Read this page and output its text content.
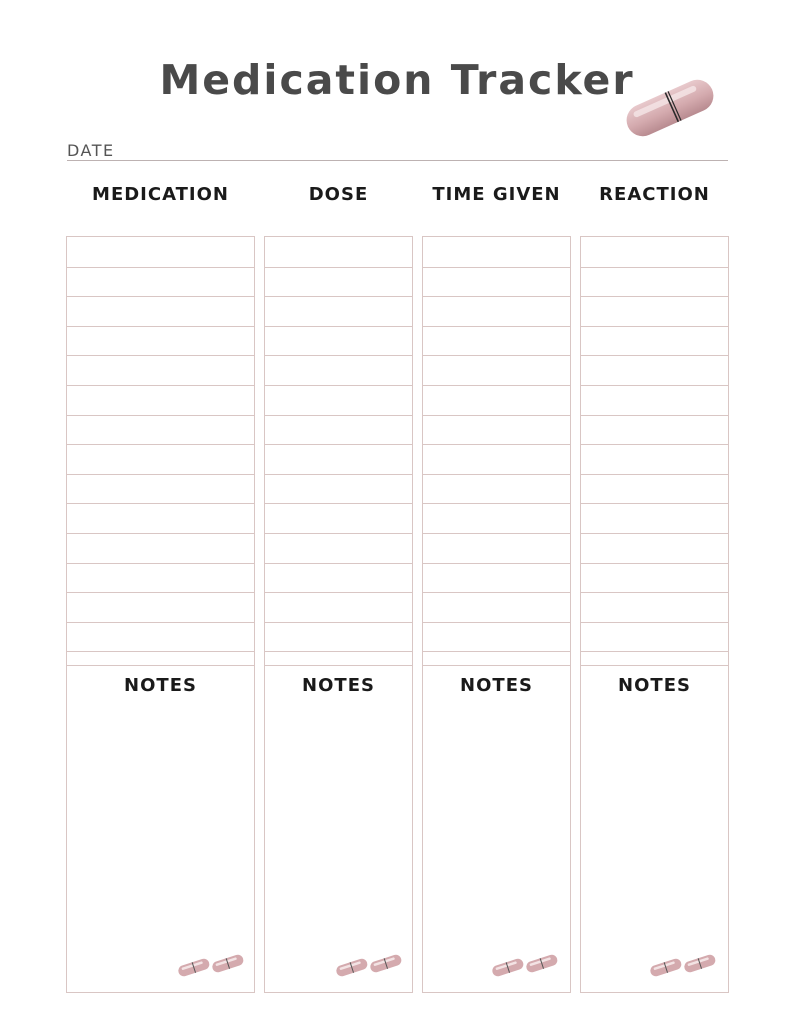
Medication Tracker
DATE
MEDICATION	DOSE	TIME GIVEN	REACTION
NOTES	NOTES	NOTES	NOTES
